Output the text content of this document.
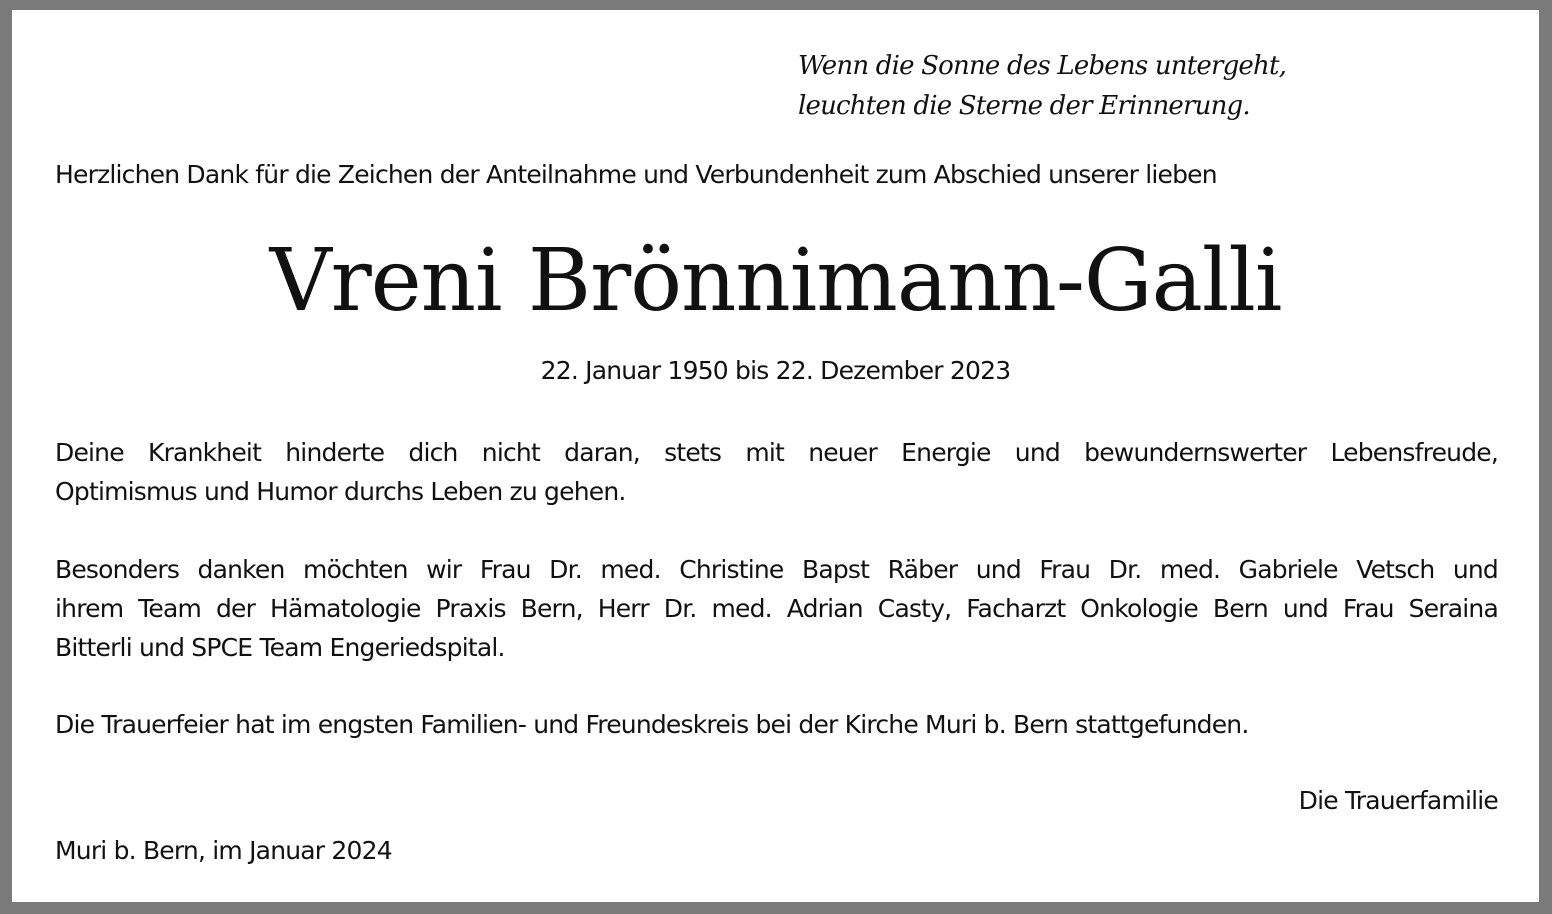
Wenn die Sonne des Lebens untergeht,
leuchten die Sterne der Erinnerung.
Herzlichen Dank für die Zeichen der Anteilnahme und Verbundenheit zum Abschied unserer lieben
Vreni Brönnimann-Galli
22. Januar 1950 bis 22. Dezember 2023
Deine Krankheit hinderte dich nicht daran, stets mit neuer Energie und bewundernswerter Lebensfreude,
Optimismus und Humor durchs Leben zu gehen.
Besonders danken möchten wir Frau Dr. med. Christine Bapst Räber und Frau Dr. med. Gabriele Vetsch und
ihrem Team der Hämatologie Praxis Bern, Herr Dr. med. Adrian Casty, Facharzt Onkologie Bern und Frau Seraina
Bitterli und SPCE Team Engeriedspital.
Die Trauerfeier hat im engsten Familien- und Freundeskreis bei der Kirche Muri b. Bern stattgefunden.
Die Trauerfamilie
Muri b. Bern, im Januar 2024
